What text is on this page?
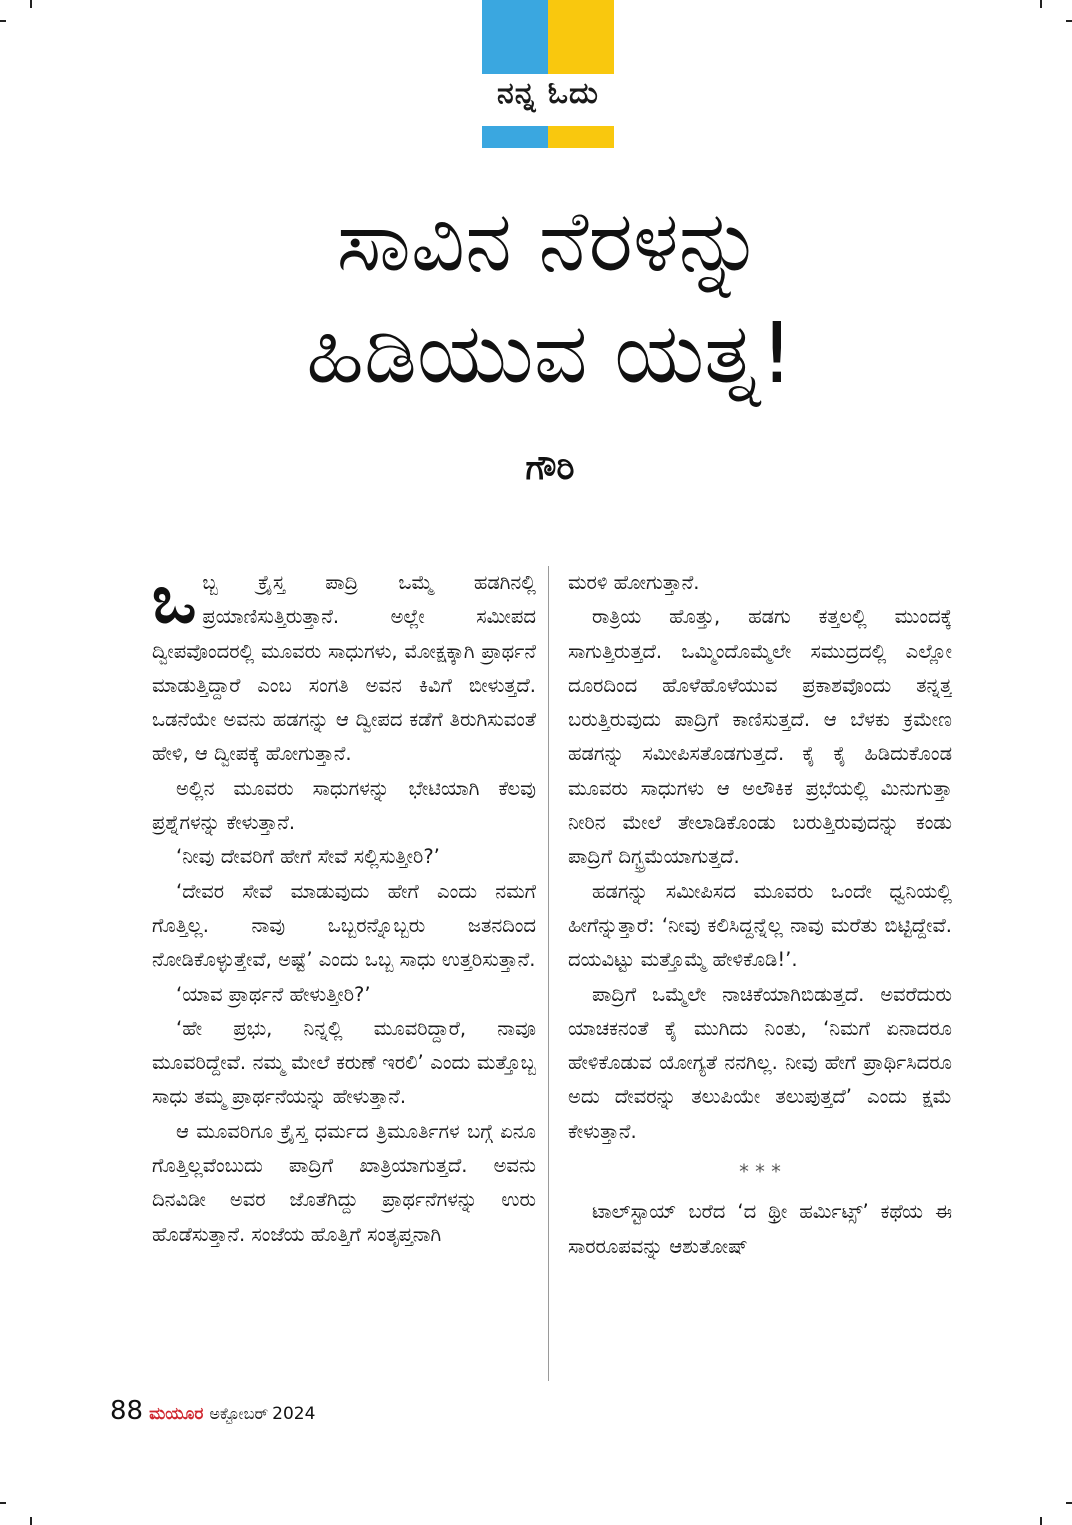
ನನ್ನ ಓದು
ಸಾವಿನ ನೆರಳನ್ನು
ಹಿಡಿಯುವ ಯತ್ನ!
ಗೌರಿ

ಒಬ್ಬ ಕ್ರೈಸ್ತ ಪಾದ್ರಿ ಒಮ್ಮೆ ಹಡಗಿನಲ್ಲಿ ಪ್ರಯಾಣಿಸುತ್ತಿರುತ್ತಾನೆ. ಅಲ್ಲೇ ಸಮೀಪದ ದ್ವೀಪವೊಂದರಲ್ಲಿ ಮೂವರು ಸಾಧುಗಳು, ಮೋಕ್ಷಕ್ಕಾಗಿ ಪ್ರಾರ್ಥನೆ ಮಾಡುತ್ತಿದ್ದಾರೆ ಎಂಬ ಸಂಗತಿ ಅವನ ಕಿವಿಗೆ ಬೀಳುತ್ತದೆ. ಒಡನೆಯೇ ಅವನು ಹಡಗನ್ನು ಆ ದ್ವೀಪದ ಕಡೆಗೆ ತಿರುಗಿಸುವಂತೆ ಹೇಳಿ, ಆ ದ್ವೀಪಕ್ಕೆ ಹೋಗುತ್ತಾನೆ.

ಅಲ್ಲಿನ ಮೂವರು ಸಾಧುಗಳನ್ನು ಭೇಟಿಯಾಗಿ ಕೆಲವು ಪ್ರಶ್ನೆಗಳನ್ನು ಕೇಳುತ್ತಾನೆ.

‘ನೀವು ದೇವರಿಗೆ ಹೇಗೆ ಸೇವೆ ಸಲ್ಲಿಸುತ್ತೀರಿ?’

‘ದೇವರ ಸೇವೆ ಮಾಡುವುದು ಹೇಗೆ ಎಂದು ನಮಗೆ ಗೊತ್ತಿಲ್ಲ. ನಾವು ಒಬ್ಬರನ್ನೊಬ್ಬರು ಜತನದಿಂದ ನೋಡಿಕೊಳ್ಳುತ್ತೇವೆ, ಅಷ್ಟೆ’ ಎಂದು ಒಬ್ಬ ಸಾಧು ಉತ್ತರಿಸುತ್ತಾನೆ.

‘ಯಾವ ಪ್ರಾರ್ಥನೆ ಹೇಳುತ್ತೀರಿ?’

‘ಹೇ ಪ್ರಭು, ನಿನ್ನಲ್ಲಿ ಮೂವರಿದ್ದಾರೆ, ನಾವೂ ಮೂವರಿದ್ದೇವೆ. ನಮ್ಮ ಮೇಲೆ ಕರುಣೆ ಇರಲಿ’ ಎಂದು ಮತ್ತೊಬ್ಬ ಸಾಧು ತಮ್ಮ ಪ್ರಾರ್ಥನೆಯನ್ನು ಹೇಳುತ್ತಾನೆ.

ಆ ಮೂವರಿಗೂ ಕ್ರೈಸ್ತ ಧರ್ಮದ ತ್ರಿಮೂರ್ತಿಗಳ ಬಗ್ಗೆ ಏನೂ ಗೊತ್ತಿಲ್ಲವೆಂಬುದು ಪಾದ್ರಿಗೆ ಖಾತ್ರಿಯಾಗುತ್ತದೆ. ಅವನು ದಿನವಿಡೀ ಅವರ ಜೊತೆಗಿದ್ದು ಪ್ರಾರ್ಥನೆಗಳನ್ನು ಉರು ಹೊಡೆಸುತ್ತಾನೆ. ಸಂಜೆಯ ಹೊತ್ತಿಗೆ ಸಂತೃಪ್ತನಾಗಿ

ಮರಳಿ ಹೋಗುತ್ತಾನೆ.

ರಾತ್ರಿಯ ಹೊತ್ತು, ಹಡಗು ಕತ್ತಲಲ್ಲಿ ಮುಂದಕ್ಕೆ ಸಾಗುತ್ತಿರುತ್ತದೆ. ಒಮ್ಮಿಂದೊಮ್ಮೆಲೇ ಸಮುದ್ರದಲ್ಲಿ ಎಲ್ಲೋ ದೂರದಿಂದ ಹೊಳೆಹೊಳೆಯುವ ಪ್ರಕಾಶವೊಂದು ತನ್ನತ್ತ ಬರುತ್ತಿರುವುದು ಪಾದ್ರಿಗೆ ಕಾಣಿಸುತ್ತದೆ. ಆ ಬೆಳಕು ಕ್ರಮೇಣ ಹಡಗನ್ನು ಸಮೀಪಿಸತೊಡಗುತ್ತದೆ. ಕೈ ಕೈ ಹಿಡಿದುಕೊಂಡ ಮೂವರು ಸಾಧುಗಳು ಆ ಅಲೌಕಿಕ ಪ್ರಭೆಯಲ್ಲಿ ಮಿನುಗುತ್ತಾ ನೀರಿನ ಮೇಲೆ ತೇಲಾಡಿಕೊಂಡು ಬರುತ್ತಿರುವುದನ್ನು ಕಂಡು ಪಾದ್ರಿಗೆ ದಿಗ್ಭ್ರಮೆಯಾಗುತ್ತದೆ.

ಹಡಗನ್ನು ಸಮೀಪಿಸದ ಮೂವರು ಒಂದೇ ಧ್ವನಿಯಲ್ಲಿ ಹೀಗೆನ್ನುತ್ತಾರೆ: ‘ನೀವು ಕಲಿಸಿದ್ದನ್ನೆಲ್ಲ ನಾವು ಮರೆತು ಬಿಟ್ಟಿದ್ದೇವೆ. ದಯವಿಟ್ಟು ಮತ್ತೊಮ್ಮೆ ಹೇಳಿಕೊಡಿ!’.

ಪಾದ್ರಿಗೆ ಒಮ್ಮೆಲೇ ನಾಚಿಕೆಯಾಗಿಬಿಡುತ್ತದೆ. ಅವರೆದುರು ಯಾಚಕನಂತೆ ಕೈ ಮುಗಿದು ನಿಂತು, ‘ನಿಮಗೆ ಏನಾದರೂ ಹೇಳಿಕೊಡುವ ಯೋಗ್ಯತೆ ನನಗಿಲ್ಲ. ನೀವು ಹೇಗೆ ಪ್ರಾರ್ಥಿಸಿದರೂ ಅದು ದೇವರನ್ನು ತಲುಪಿಯೇ ತಲುಪುತ್ತದೆ’ ಎಂದು ಕ್ಷಮೆ ಕೇಳುತ್ತಾನೆ.

* * *

ಟಾಲ್‌ಸ್ಟಾಯ್ ಬರೆದ ‘ದ ಥ್ರೀ ಹರ್ಮಿಟ್ಸ್’ ಕಥೆಯ ಈ ಸಾರರೂಪವನ್ನು ಆಶುತೋಷ್

88 ಮಯೂರ ಅಕ್ಟೋಬರ್ 2024
